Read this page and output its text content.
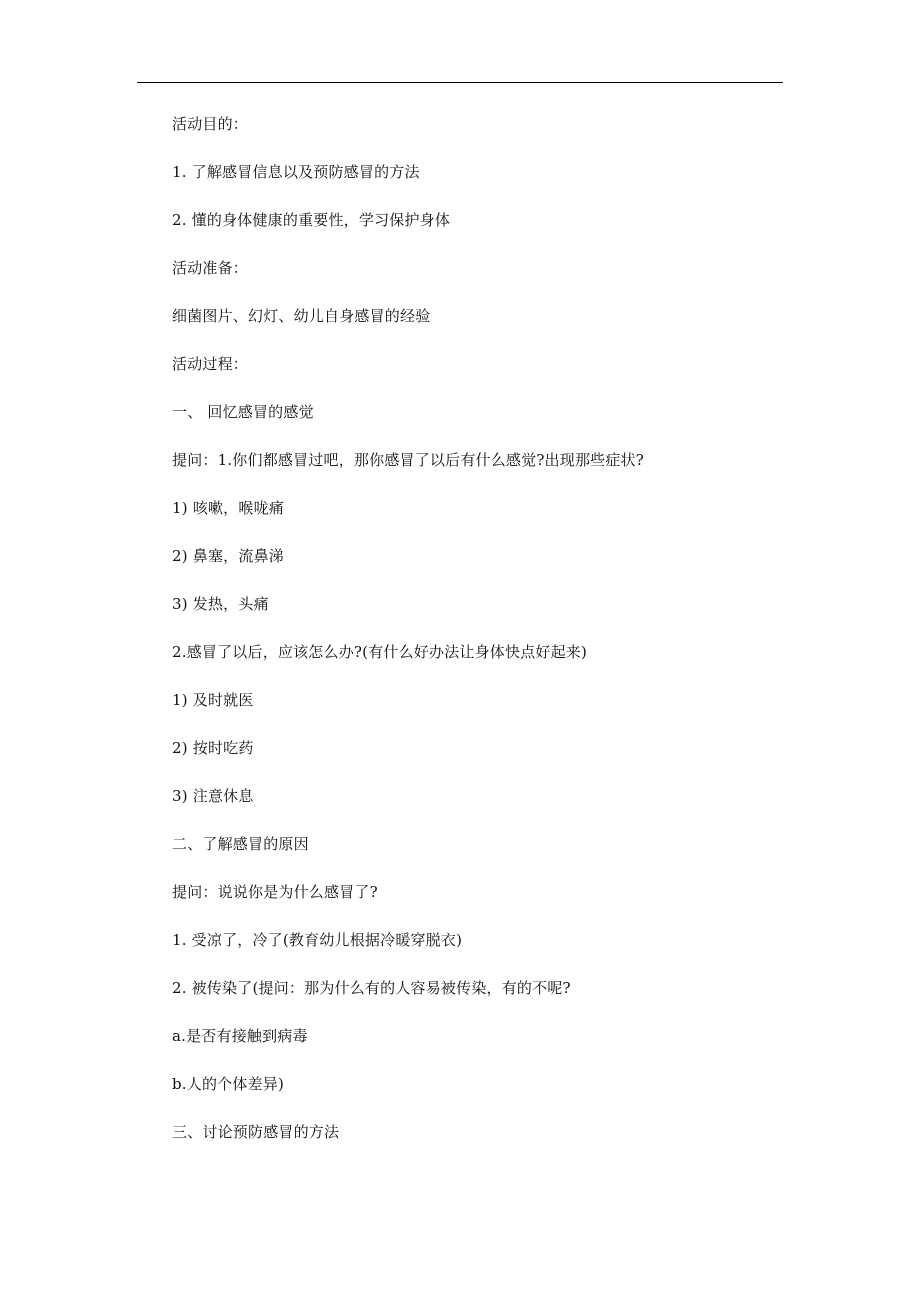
活动目的：
1. 了解感冒信息以及预防感冒的方法
2. 懂的身体健康的重要性，学习保护身体
活动准备：
细菌图片、幻灯、幼儿自身感冒的经验
活动过程：
一、 回忆感冒的感觉
提问：1.你们都感冒过吧，那你感冒了以后有什么感觉?出现那些症状?
1) 咳嗽，喉咙痛
2) 鼻塞，流鼻涕
3) 发热，头痛
2.感冒了以后，应该怎么办?(有什么好办法让身体快点好起来)
1) 及时就医
2) 按时吃药
3) 注意休息
二、了解感冒的原因
提问：说说你是为什么感冒了?
1. 受凉了，冷了(教育幼儿根据冷暖穿脱衣)
2. 被传染了(提问：那为什么有的人容易被传染，有的不呢?
a.是否有接触到病毒
b.人的个体差异)
三、讨论预防感冒的方法
